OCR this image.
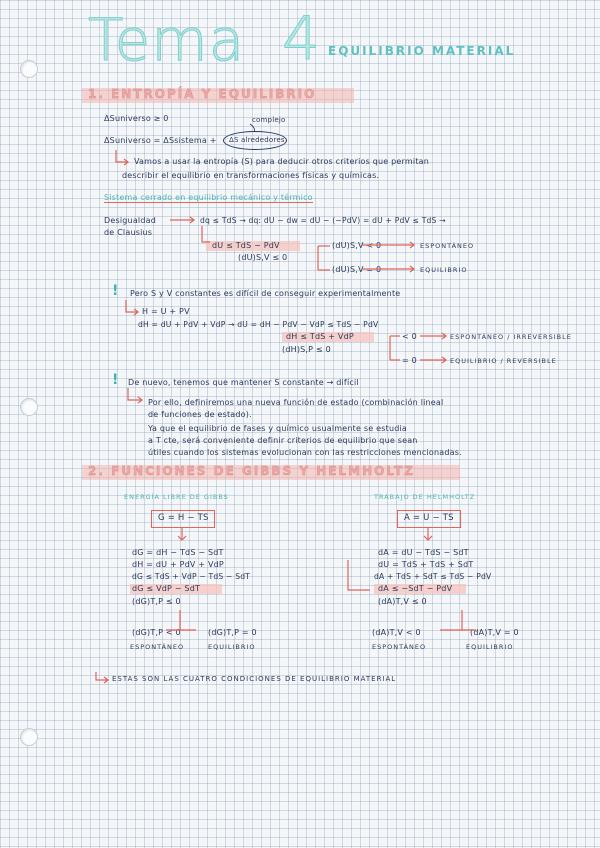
Tema 4 EQUILIBRIO MATERIAL
1. ENTROPÍA Y EQUILIBRIO
ΔSuniverso ≥ 0
ΔSuniverso = ΔSsistema + ΔS alrededores
complejo
Vamos a usar la entropía (S) para deducir otros criterios que permitan
describir el equilibrio en transformaciones físicas y químicas.
Sistema cerrado en equilibrio mecánico y térmico
Desigualdad
de Clausius
dq ≤ TdS → dq: dU − dw = dU − (−PdV) = dU + PdV ≤ TdS →
dU ≤ TdS − PdV
(dU)S,V ≤ 0
(dU)S,V < 0	ESPONTÁNEO
(dU)S,V = 0	EQUILIBRIO
!	Pero S y V constantes es difícil de conseguir experimentalmente
H = U + PV
dH = dU + PdV + VdP → dU = dH − PdV − VdP ≤ TdS − PdV
dH ≤ TdS + VdP
(dH)S,P ≤ 0
< 0	ESPONTÁNEO / IRREVERSIBLE
= 0	EQUILIBRIO / REVERSIBLE
!	De nuevo, tenemos que mantener S constante → difícil
Por ello, definiremos una nueva función de estado (combinación lineal
de funciones de estado).
Ya que el equilibrio de fases y químico usualmente se estudia
a T cte, será conveniente definir criterios de equilibrio que sean
útiles cuando los sistemas evolucionan con las restricciones mencionadas.
2. FUNCIONES DE GIBBS Y HELMHOLTZ
ENERGÍA LIBRE DE GIBBS
G = H − TS
dG = dH − TdS − SdT
dH = dU + PdV + VdP
dG ≤ TdS + VdP − TdS − SdT
dG ≤ VdP − SdT
(dG)T,P ≤ 0
(dG)T,P < 0	(dG)T,P = 0
ESPONTÁNEO	EQUILIBRIO
TRABAJO DE HELMHOLTZ
A = U − TS
dA = dU − TdS − SdT
dU = TdS + TdS + SdT
dA + TdS + SdT ≤ TdS − PdV
dA ≤ −SdT − PdV
(dA)T,V ≤ 0
(dA)T,V < 0	(dA)T,V = 0
ESPONTÁNEO	EQUILIBRIO
ESTAS SON LAS CUATRO CONDICIONES DE EQUILIBRIO MATERIAL
